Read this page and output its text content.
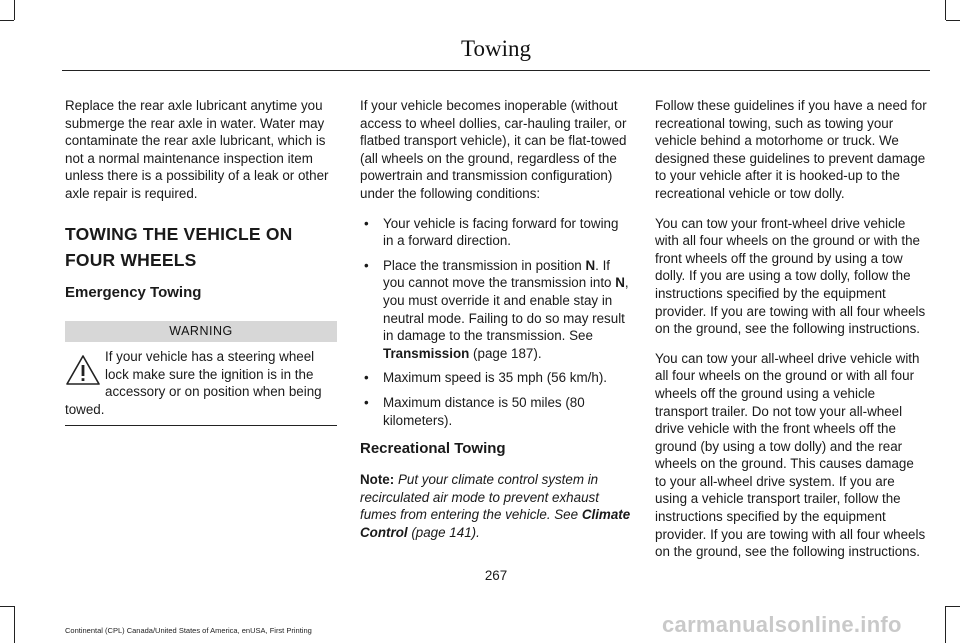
Towing

Replace the rear axle lubricant anytime you submerge the rear axle in water. Water may contaminate the rear axle lubricant, which is not a normal maintenance inspection item unless there is a possibility of a leak or other axle repair is required.

TOWING THE VEHICLE ON FOUR WHEELS
Emergency Towing
WARNING
If your vehicle has a steering wheel lock make sure the ignition is in the accessory or on position when being towed.

If your vehicle becomes inoperable (without access to wheel dollies, car-hauling trailer, or flatbed transport vehicle), it can be flat-towed (all wheels on the ground, regardless of the powertrain and transmission configuration) under the following conditions:

• Your vehicle is facing forward for towing in a forward direction.
• Place the transmission in position N. If you cannot move the transmission into N, you must override it and enable stay in neutral mode. Failing to do so may result in damage to the transmission. See Transmission (page 187).
• Maximum speed is 35 mph (56 km/h).
• Maximum distance is 50 miles (80 kilometers).
Recreational Towing

Note: Put your climate control system in recirculated air mode to prevent exhaust fumes from entering the vehicle. See Climate Control (page 141).

Follow these guidelines if you have a need for recreational towing, such as towing your vehicle behind a motorhome or truck. We designed these guidelines to prevent damage to your vehicle after it is hooked-up to the recreational vehicle or tow dolly.

You can tow your front-wheel drive vehicle with all four wheels on the ground or with the front wheels off the ground by using a tow dolly. If you are using a tow dolly, follow the instructions specified by the equipment provider. If you are towing with all four wheels on the ground, see the following instructions.

You can tow your all-wheel drive vehicle with all four wheels on the ground or with all four wheels off the ground using a vehicle transport trailer. Do not tow your all-wheel drive vehicle with the front wheels off the ground (by using a tow dolly) and the rear wheels on the ground. This causes damage to your all-wheel drive system. If you are using a vehicle transport trailer, follow the instructions specified by the equipment provider. If you are towing with all four wheels on the ground, see the following instructions.

267
Continental (CPL) Canada/United States of America, enUSA, First Printing	carmanualsonline.info
